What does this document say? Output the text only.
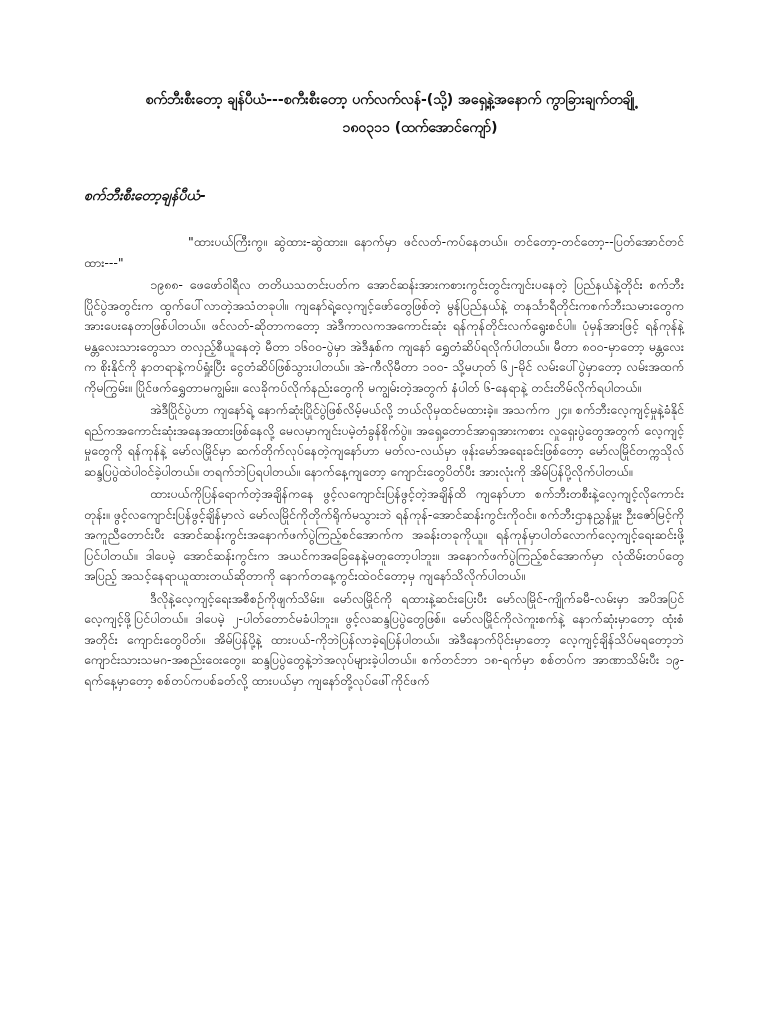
စက်ဘီးစီးတော့ ချန်ပီယံ---စကီးစီးတော့ ပက်လက်လန်-(သို့) အရှေ့နဲ့အနောက် ကွာခြားချက်တချို့
၁၈၀၃၁၁ (ထက်အောင်ကျော်)
စက်ဘီးစီးတော့ချန်ပီယံ-

"ထားပယ်ကြီးကွ။ ဆွဲထား-ဆွဲထား။ နောက်မှာ ဖင်လတ်-ကပ်နေတယ်။ တင်တော့-တင်တော့--ပြတ်အောင်တင်ထား---"

၁၉၈၈- ဖေဖော်ဝါရီလ တတိယသတင်းပတ်က အောင်ဆန်းအားကစားကွင်းတွင်းကျင်းပနေတဲ့ ပြည်နယ်နဲ့တိုင်း စက်ဘီးပြိုင်ပွဲအတွင်းက ထွက်ပေါ်လာတဲ့အသံတခုပါ။ ကျနော်ရဲ့လေ့ကျင့်ဖော်တွေဖြစ်တဲ့ မွန်ပြည်နယ်နဲ့ တနင်္သာရီတိုင်းကစက်ဘီးသမားတွေက အားပေးနေတာဖြစ်ပါတယ်။ ဖင်လတ်-ဆိုတာကတော့ အဲဒီကာလကအကောင်းဆုံး ရန်ကုန်တိုင်းလက်ရွေးစင်ပါ။ ပုံမှန်အားဖြင့် ရန်ကုန်နဲ့မန္တလေးသားတွေသာ တလှည့်စီယူနေတဲ့ မီတာ ၁၆၀၀-ပွဲမှာ အဲဒီနှစ်က ကျနော် ရွှေတံဆိပ်ရလိုက်ပါတယ်။ မီတာ ၈၀၀-မှာတော့ မန္တလေးက စိုးနိုင်ကို နာတရာနဲ့ကပ်ရှုံးပြီး ငွေတံဆိပ်ဖြစ်သွားပါတယ်။ အဲ-ကီလိုမီတာ ၁၀၀- သို့မဟုတ် ၆၂-မိုင် လမ်းပေါ်ပွဲမှာတော့ လမ်းအထက်ကိုမကြွမ်း။ ပြိုင်ဖက်ရွှေတာမကျွမ်း။ လေခိုကပ်လိုက်နည်းတွေကို မကျွမ်းတဲ့အတွက် နံပါတ် ၆-နေရာနဲ့ တင်းတိမ်လိုက်ရပါတယ်။

အဲဒီပြိုင်ပွဲဟာ ကျနော်ရဲ့ နောက်ဆုံးပြိုင်ပွဲဖြစ်လိမ့်မယ်လို့ ဘယ်လိုမှထင်မထားခဲ့။ အသက်က ၂၄။ စက်ဘီးလေ့ကျင့်မှုနဲ့ခံနိုင်ရည်ကအကောင်းဆုံးအနေအထားဖြစ်နေလို့ မေလမှာကျင်းပမဲ့တံခွန်စိုက်ပွဲ။ အရှေ့တောင်အာရှအားကစား လှုရှေးပွဲတွေအတွက် လေ့ကျင့်မှုတွေကို ရန်ကုန်နဲ့ မော်လမြိုင်မှာ ဆက်တိုက်လုပ်နေတဲ့ကျနော်ဟာ မတ်လ-လယ်မှာ ဖုန်းမော်အရေးခင်းဖြစ်တော့ မော်လမြိုင်တက္ကသိုလ် ဆန္ဒပြပွဲထဲပါဝင်ခဲ့ပါတယ်။ တရက်ဘဲပြရပါတယ်။ နောက်နေ့ကျတော့ ကျောင်းတွေပိတ်ပီး အားလုံးကို အိမ်ပြန်ပို့လိုက်ပါတယ်။

ထားပယ်ကိုပြန်ရောက်တဲ့အချိန်ကနေ ဖွင့်လကျောင်းပြန်ဖွင့်တဲ့အချိန်ထိ ကျနော်ဟာ စက်ဘီးတစီးနဲ့လေ့ကျင့်လိုကောင်းတုန်း။ ဖွင့်လကျောင်းပြန်ဖွင့်ချိန်မှာလဲ မော်လမြိုင်ကိုတိုက်ရိုက်မသွားဘဲ ရန်ကုန်-အောင်ဆန်းကွင်းကိုဝင်။ စက်ဘီးဌာနညွှန်မှူး ဦးဇော်မြင့်ကိုအကူညီတောင်းပီး အောင်ဆန်းကွင်းအနောက်ဖက်ပွဲကြည့်စင်အောက်က အခန်းတခုကိုယူ။ ရန်ကုန်မှာပါတ်လောက်လေ့ကျင့်ရေးဆင်းဖို့ပြင်ပါတယ်။ ဒါပေမဲ့ အောင်ဆန်းကွင်းက အယင်ကအခြေနေနဲ့မတူတော့ပါဘူး။ အနောက်ဖက်ပွဲကြည့်စင်အောက်မှာ လုံထိမ်းတပ်တွေအပြည့် အသင့်နေရာယူထားတယ်ဆိုတာကို နောက်တနေ့ကွင်းထဲဝင်တော့မှ ကျနော်သိလိုက်ပါတယ်။

ဒီလိုနဲ့လေ့ကျင့်ရေးအစီစဉ်ကိုဖျက်သိမ်း။ မော်လမြိုင်ကို ရထားနဲ့ဆင်းပြေးပီး မော်လမြိုင်-ကျိုက်ခမီ-လမ်းမှာ အပိအပြင်လေ့ကျင့်ဖို့ပြင်ပါတယ်။ ဒါပေမဲ့ ၂-ပါတ်တောင်မခံပါဘူး။ ဖွင့်လဆန္ဒပြပွဲတွေဖြစ်။ မော်လမြိုင်ကိုလဲကူးစက်နဲ့ နောက်ဆုံးမှာတော့ ထုံးစံအတိုင်း ကျောင်းတွေပိတ်။ အိမ်ပြန်ပို့နဲ့ ထားပယ်-ကိုဘဲပြန်လာခဲ့ရပြန်ပါတယ်။ အဲဒီနောက်ပိုင်းမှာတော့ လေ့ကျင့်ချိန်သိပ်မရတော့ဘဲ ကျောင်းသားသမဂ-အစည်းဝေးတွေ။ ဆန္ဒပြပွဲတွေနဲ့ဘဲအလုပ်များခဲ့ပါတယ်။ စက်တင်ဘာ ၁၈-ရက်မှာ စစ်တပ်က အာဏာသိမ်းပီး ၁၉-ရက်နေ့မှာတော့ စစ်တပ်ကပစ်ခတ်လို့ ထားပယ်မှာ ကျနော်တို့လုပ်ဖေါ်ကိုင်ဖက်
